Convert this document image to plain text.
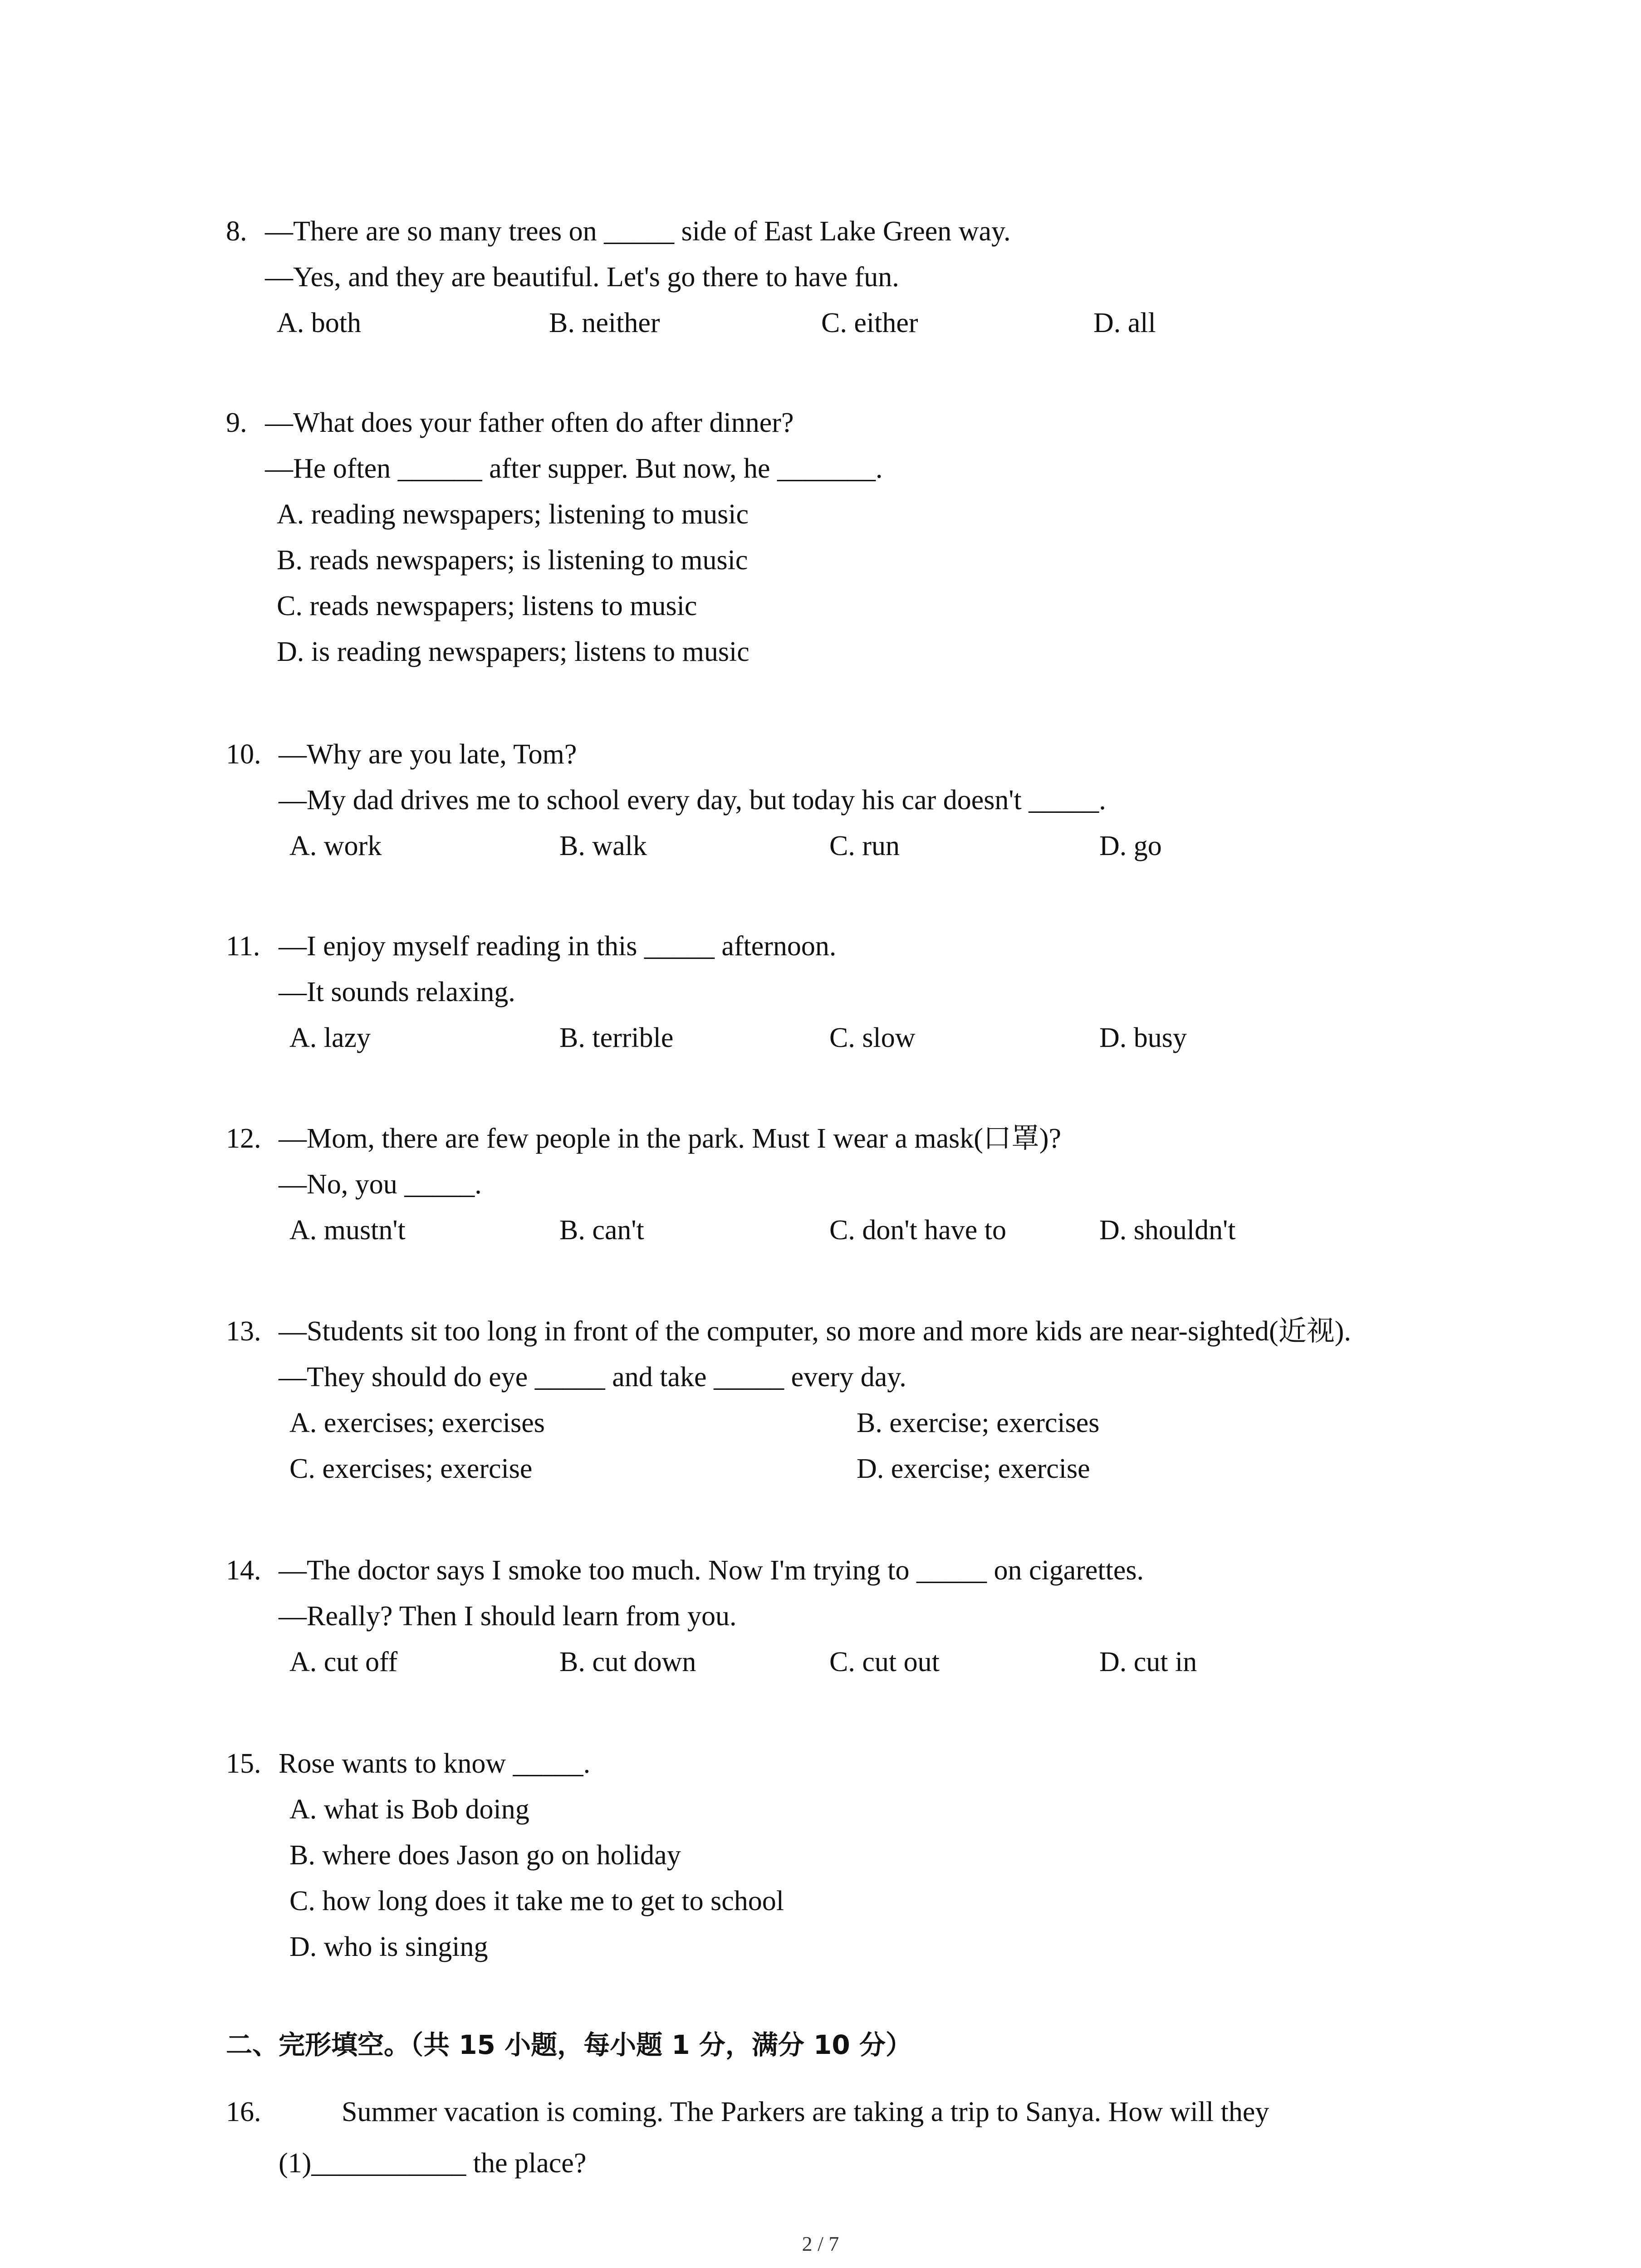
8.

—There are so many trees on _____ side of East Lake Green way.

—Yes, and they are beautiful. Let's go there to have fun.

A. both

	B. neither

	C. either

	D. all

9.

—What does your father often do after dinner?

—He often ______ after supper. But now, he _______.

A. reading newspapers; listening to music

B. reads newspapers; is listening to music

C. reads newspapers; listens to music

D. is reading newspapers; listens to music

10.

—Why are you late, Tom?

—My dad drives me to school every day, but today his car doesn't _____.

A. work

	B. walk

	C. run

	D. go

11.

—I enjoy myself reading in this _____ afternoon.

—It sounds relaxing.

A. lazy

	B. terrible

	C. slow

	D. busy

12.

—Mom, there are few people in the park. Must I wear a mask(口罩)?

—No, you _____.

A. mustn't

	B. can't

	C. don't have to

	D. shouldn't

13.

—Students sit too long in front of the computer, so more and more kids are near-sighted(近视).

—They should do eye _____ and take _____ every day.

A. exercises; exercises

	B. exercise; exercises

C. exercises; exercise

	D. exercise; exercise

14.

—The doctor says I smoke too much. Now I'm trying to _____ on cigarettes.

—Really? Then I should learn from you.

A. cut off

	B. cut down

	C. cut out

	D. cut in

15.

Rose wants to know _____.

A. what is Bob doing

B. where does Jason go on holiday

C. how long does it take me to get to school

D. who is singing

二、完形填空。（共 15 小题，每小题 1 分，满分 10 分）

16.

	Summer vacation is coming. The Parkers are taking a trip to Sanya. How will they

(1)___________ the place?

2 / 7
